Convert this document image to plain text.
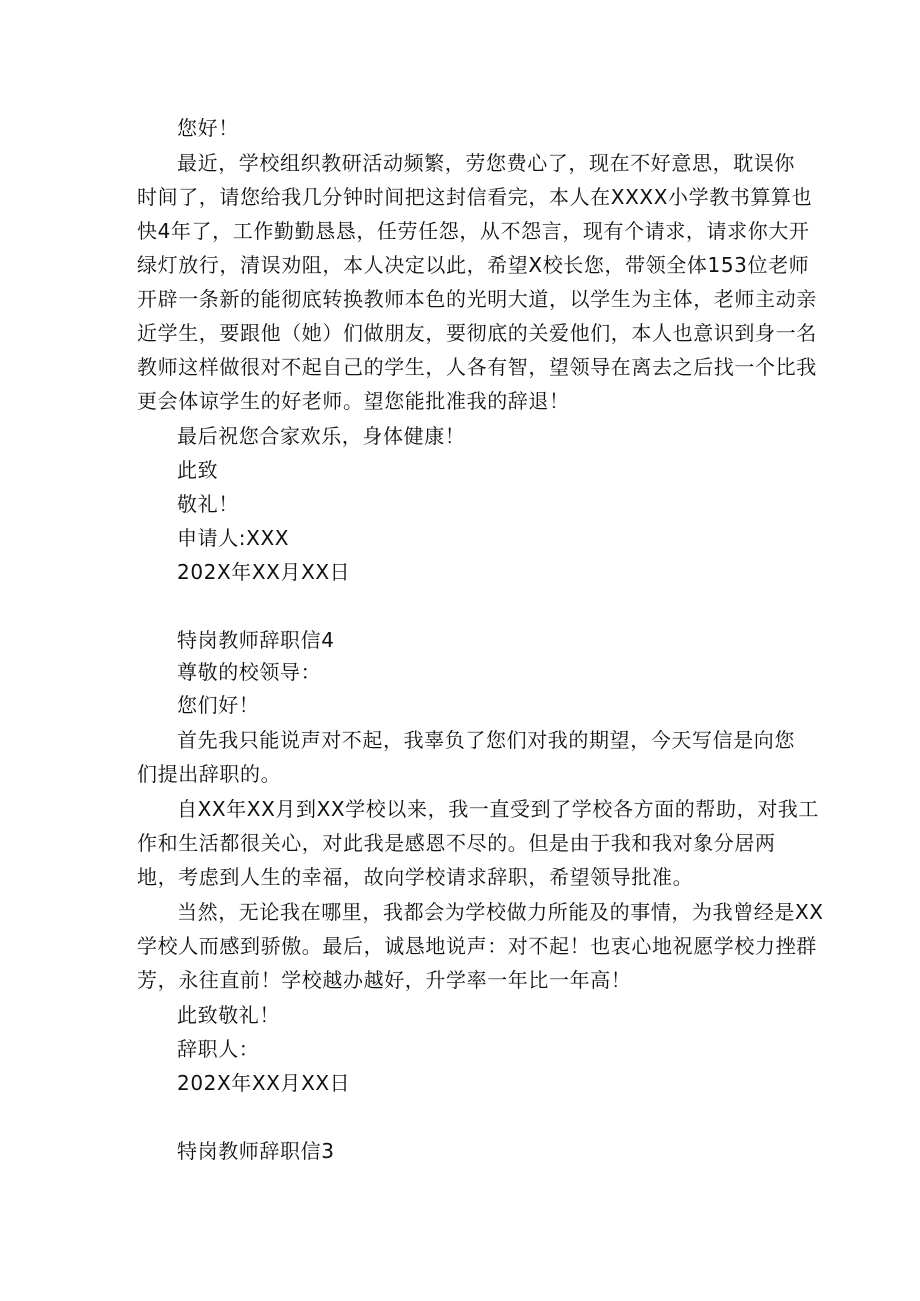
您好！
最近，学校组织教研活动频繁，劳您费心了，现在不好意思，耽误你
时间了，请您给我几分钟时间把这封信看完，本人在XXXX小学教书算算也
快4年了，工作勤勤恳恳，任劳任怨，从不怨言，现有个请求，请求你大开
绿灯放行，清误劝阻，本人决定以此，希望X校长您，带领全体153位老师
开辟一条新的能彻底转换教师本色的光明大道，以学生为主体，老师主动亲
近学生，要跟他（她）们做朋友，要彻底的关爱他们，本人也意识到身一名
教师这样做很对不起自己的学生，人各有智，望领导在离去之后找一个比我
更会体谅学生的好老师。望您能批准我的辞退！
最后祝您合家欢乐，身体健康！
此致
敬礼！
申请人:XXX
202X年XX月XX日
特岗教师辞职信4
尊敬的校领导：
您们好！
首先我只能说声对不起，我辜负了您们对我的期望，今天写信是向您
们提出辞职的。
自XX年XX月到XX学校以来，我一直受到了学校各方面的帮助，对我工
作和生活都很关心，对此我是感恩不尽的。但是由于我和我对象分居两
地，考虑到人生的幸福，故向学校请求辞职，希望领导批准。
当然，无论我在哪里，我都会为学校做力所能及的事情，为我曾经是XX
学校人而感到骄傲。最后，诚恳地说声：对不起！也衷心地祝愿学校力挫群
芳，永往直前！学校越办越好，升学率一年比一年高！
此致敬礼！
辞职人：
202X年XX月XX日
特岗教师辞职信3
